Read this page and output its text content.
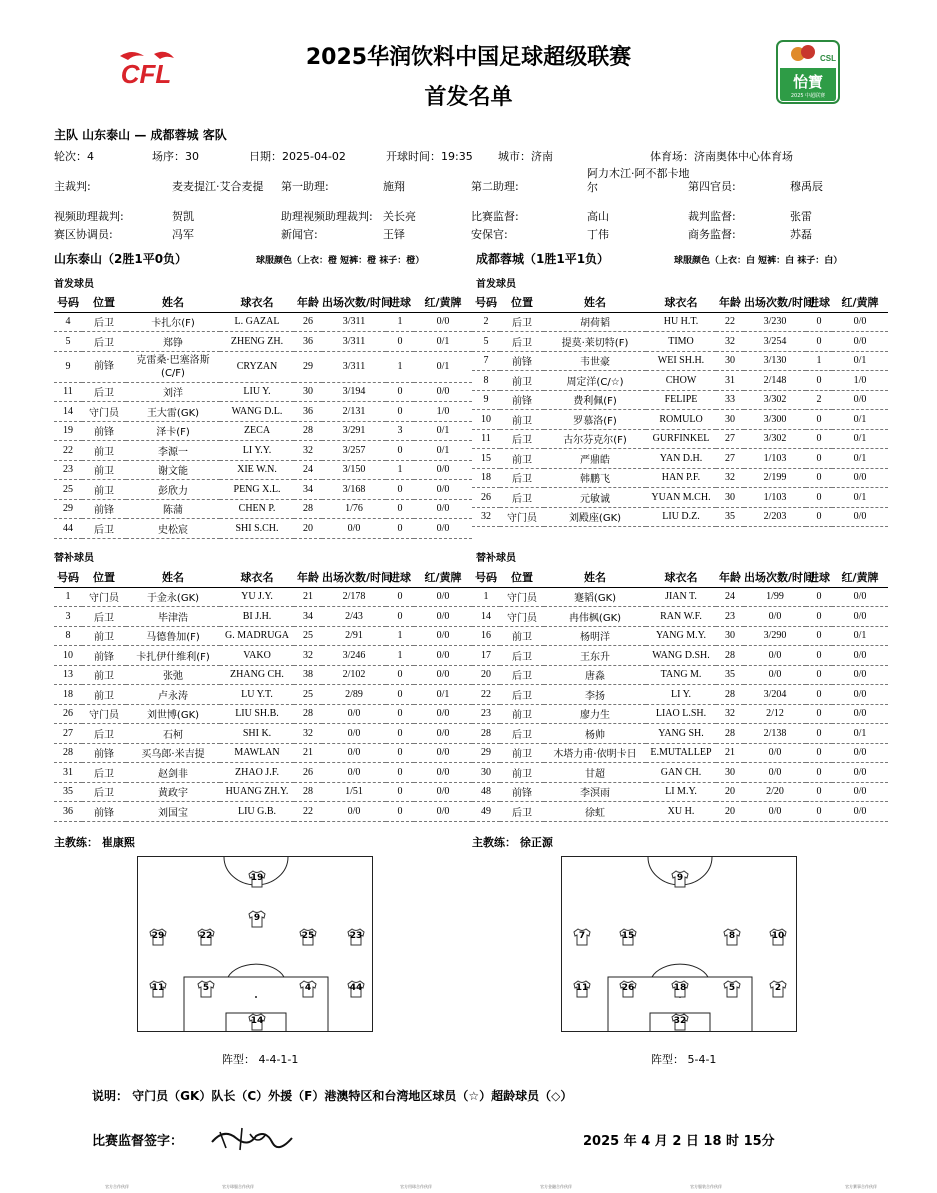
CFL
2025华润饮料中国足球超级联赛
首发名单
CSL
怡寶
2025 中超联赛
主队 山东泰山 — 成都蓉城 客队
轮次：4	场序：30	日期：2025-04-02	开球时间：19:35 城市：济南	体育场：济南奥体中心体育场
主裁判:	麦麦提江·艾合麦提 第一助理:	施翔	第二助理:
阿力木江·阿不都卡地尔	第四官员:	穆禹辰
视频助理裁判:	贺凯	助理视频助理裁判: 关长亮	比赛监督:	高山	裁判监督:	张雷
赛区协调员:	冯军	新闻官:	王铎	安保官:	丁伟	商务监督:	苏磊
山东泰山（2胜1平0负）	球服颜色（上衣：橙 短裤：橙 袜子：橙）
首发球员
号码	位置	姓名	球衣名	年龄	出场次数/时间	进球	红/黄牌
4	后卫	卡扎尔(F)	L. GAZAL	26	3/311	1	0/0
5	后卫	郑铮	ZHENG ZH.	36	3/311	0	0/1
9	前锋	克雷桑·巴塞洛斯(C/F)	CRYZAN	29	3/311	1	0/1
11	后卫	刘洋	LIU Y.	30	3/194	0	0/0
14	守门员	王大雷(GK)	WANG D.L.	36	2/131	0	1/0
19	前锋	泽卡(F)	ZECA	28	3/291	3	0/1
22	前卫	李源一	LI Y.Y.	32	3/257	0	0/1
23	前卫	谢文能	XIE W.N.	24	3/150	1	0/0
25	前卫	彭欣力	PENG X.L.	34	3/168	0	0/0
29	前锋	陈蒲	CHEN P.	28	1/76	0	0/0
44	后卫	史松宸	SHI S.CH.	20	0/0	0	0/0
替补球员
号码	位置	姓名	球衣名	年龄	出场次数/时间	进球	红/黄牌
1	守门员	于金永(GK)	YU J.Y.	21	2/178	0	0/0
3	后卫	毕津浩	BI J.H.	34	2/43	0	0/0
8	前卫	马德鲁加(F)	G. MADRUGA	25	2/91	1	0/0
10	前锋	卡扎伊什维利(F)	VAKO	32	3/246	1	0/0
13	前卫	张弛	ZHANG CH.	38	2/102	0	0/0
18	前卫	卢永涛	LU Y.T.	25	2/89	0	0/1
26	守门员	刘世博(GK)	LIU SH.B.	28	0/0	0	0/0
27	后卫	石柯	SHI K.	32	0/0	0	0/0
28	前锋	买乌郎·米吉提	MAWLAN	21	0/0	0	0/0
31	后卫	赵剑非	ZHAO J.F.	26	0/0	0	0/0
35	后卫	黄政宇	HUANG ZH.Y.	28	1/51	0	0/0
36	前锋	刘国宝	LIU G.B.	22	0/0	0	0/0
主教练： 崔康熙
成都蓉城（1胜1平1负）	球服颜色（上衣：白 短裤：白 袜子：白）
首发球员
号码	位置	姓名	球衣名	年龄	出场次数/时间	进球	红/黄牌
2	后卫	胡荷韬	HU H.T.	22	3/230	0	0/0
5	后卫	提莫·莱切特(F)	TIMO	32	3/254	0	0/0
7	前锋	韦世豪	WEI SH.H.	30	3/130	1	0/1
8	前卫	周定洋(C/☆)	CHOW	31	2/148	0	1/0
9	前锋	费利佩(F)	FELIPE	33	3/302	2	0/0
10	前卫	罗慕洛(F)	ROMULO	30	3/300	0	0/1
11	后卫	古尔芬克尔(F)	GURFINKEL	27	3/302	0	0/1
15	前卫	严鼎皓	YAN D.H.	27	1/103	0	0/1
18	后卫	韩鹏飞	HAN P.F.	32	2/199	0	0/0
26	后卫	元敏诚	YUAN M.CH.	30	1/103	0	0/1
32	守门员	刘殿座(GK)	LIU D.Z.	35	2/203	0	0/0
替补球员
号码	位置	姓名	球衣名	年龄	出场次数/时间	进球	红/黄牌
1	守门员	蹇韬(GK)	JIAN T.	24	1/99	0	0/0
14	守门员	冉伟枫(GK)	RAN W.F.	23	0/0	0	0/0
16	前卫	杨明洋	YANG M.Y.	30	3/290	0	0/1
17	后卫	王东升	WANG D.SH.	28	0/0	0	0/0
20	后卫	唐淼	TANG M.	35	0/0	0	0/0
22	后卫	李扬	LI Y.	28	3/204	0	0/0
23	前卫	廖力生	LIAO L.SH.	32	2/12	0	0/0
28	后卫	杨帅	YANG SH.	28	2/138	0	0/1
29	前卫	木塔力甫·依明卡日	E.MUTALLEP	21	0/0	0	0/0
30	前卫	甘超	GAN CH.	30	0/0	0	0/0
48	前锋	李溟雨	LI M.Y.	20	2/20	0	0/0
49	后卫	徐虹	XU H.	20	0/0	0	0/0
主教练： 徐正源
19
9
29	22	25	23
11	5	4	44
14
阵型： 4-4-1-1
9
7	15	8	10
11	26	18	5	2
32
阵型： 5-4-1
说明： 守门员（GK）队长（C）外援（F）港澳特区和台湾地区球员（☆）超龄球员（◇）
比赛监督签字：	2025 年 4 月 2 日 18 时 15分
官方合作伙伴	官方球服合作伙伴	官方用球合作伙伴	官方金融合作伙伴	官方服装合作伙伴	官方赛事合作伙伴
